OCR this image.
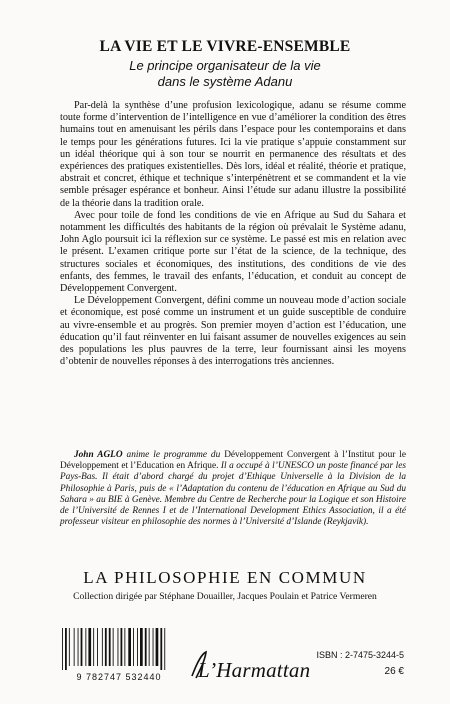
LA VIE ET LE VIVRE-ENSEMBLE
Le principe organisateur de la vie
dans le système Adanu

Par-delà la synthèse d’une profusion lexicologique, adanu se résume comme toute forme d’intervention de l’intelligence en vue d’améliorer la condition des êtres humains tout en amenuisant les périls dans l’espace pour les contemporains et dans le temps pour les générations futures. Ici la vie pratique s’appuie constamment sur un idéal théorique qui à son tour se nourrit en permanence des résultats et des expériences des pratiques existentielles. Dès lors, idéal et réalité, théorie et pratique, abstrait et concret, éthique et technique s’interpénètrent et se commandent et la vie semble présager espérance et bonheur. Ainsi l’étude sur adanu illustre la possibilité de la théorie dans la tradition orale.

Avec pour toile de fond les conditions de vie en Afrique au Sud du Sahara et notamment les difficultés des habitants de la région où prévalait le Système adanu, John Aglo poursuit ici la réflexion sur ce système. Le passé est mis en relation avec le présent. L’examen critique porte sur l’état de la science, de la technique, des structures sociales et économiques, des institutions, des conditions de vie des enfants, des femmes, le travail des enfants, l’éducation, et conduit au concept de Développement Convergent.

Le Développement Convergent, défini comme un nouveau mode d’action sociale et économique, est posé comme un instrument et un guide susceptible de conduire au vivre-ensemble et au progrès. Son premier moyen d’action est l’éducation, une éducation qu’il faut réinventer en lui faisant assumer de nouvelles exigences au sein des populations les plus pauvres de la terre, leur fournissant ainsi les moyens d’obtenir de nouvelles réponses à des interrogations très anciennes.

John AGLO anime le programme du Développement Convergent à l’Institut pour le Développement et l’Education en Afrique. Il a occupé à l’UNESCO un poste financé par les Pays-Bas. Il était d’abord chargé du projet d’Ethique Universelle à la Division de la Philosophie à Paris, puis de « l’Adaptation du contenu de l’éducation en Afrique au Sud du Sahara » au BIE à Genève. Membre du Centre de Recherche pour la Logique et son Histoire de l’Université de Rennes I et de l’International Development Ethics Association, il a été professeur visiteur en philosophie des normes à l’Université d’Islande (Reykjavik).
LA PHILOSOPHIE EN COMMUN
Collection dirigée par Stéphane Douailler, Jacques Poulain et Patrice Vermeren
9 782747 532440	L’Harmattan
ISBN : 2-7475-3244-5
26 €
